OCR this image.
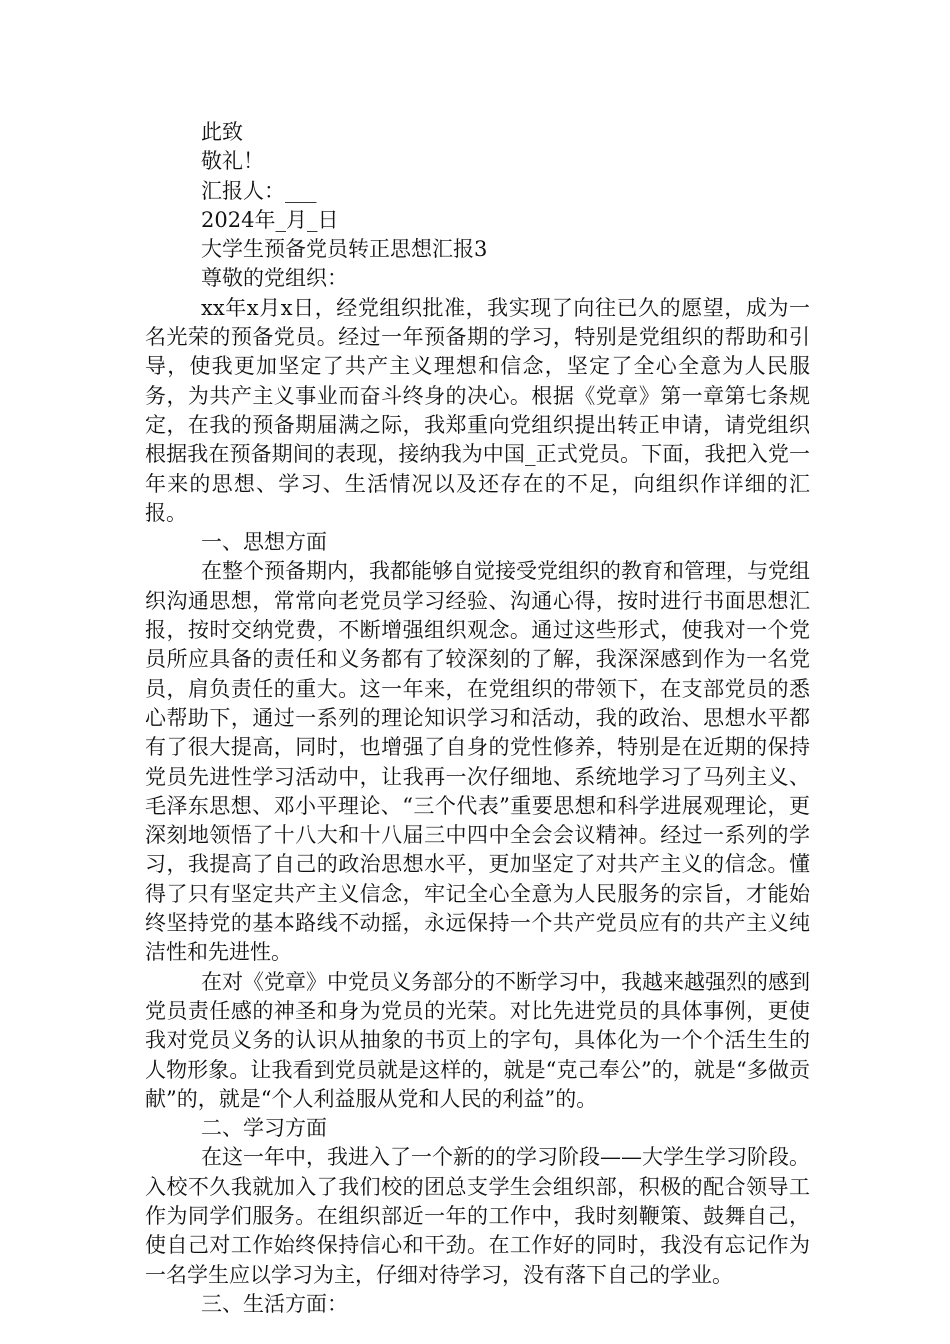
此致
敬礼！
汇报人：___
2024年_月_日
大学生预备党员转正思想汇报3
尊敬的党组织：

xx年x月x日，经党组织批准，我实现了向往已久的愿望，成为一名光荣的预备党员。经过一年预备期的学习，特别是党组织的帮助和引导，使我更加坚定了共产主义理想和信念，坚定了全心全意为人民服务，为共产主义事业而奋斗终身的决心。根据《党章》第一章第七条规定，在我的预备期届满之际，我郑重向党组织提出转正申请，请党组织根据我在预备期间的表现，接纳我为中国_正式党员。下面，我把入党一年来的思想、学习、生活情况以及还存在的不足，向组织作详细的汇报。

一、思想方面

在整个预备期内，我都能够自觉接受党组织的教育和管理，与党组织沟通思想，常常向老党员学习经验、沟通心得，按时进行书面思想汇报，按时交纳党费，不断增强组织观念。通过这些形式，使我对一个党员所应具备的责任和义务都有了较深刻的了解，我深深感到作为一名党员，肩负责任的重大。这一年来，在党组织的带领下，在支部党员的悉心帮助下，通过一系列的理论知识学习和活动，我的政治、思想水平都有了很大提高，同时，也增强了自身的党性修养，特别是在近期的保持党员先进性学习活动中，让我再一次仔细地、系统地学习了马列主义、毛泽东思想、邓小平理论、“三个代表”重要思想和科学进展观理论，更深刻地领悟了十八大和十八届三中四中全会会议精神。经过一系列的学习，我提高了自己的政治思想水平，更加坚定了对共产主义的信念。懂得了只有坚定共产主义信念，牢记全心全意为人民服务的宗旨，才能始终坚持党的基本路线不动摇，永远保持一个共产党员应有的共产主义纯洁性和先进性。

在对《党章》中党员义务部分的不断学习中，我越来越强烈的感到党员责任感的神圣和身为党员的光荣。对比先进党员的具体事例，更使我对党员义务的认识从抽象的书页上的字句，具体化为一个个活生生的人物形象。让我看到党员就是这样的，就是“克己奉公”的，就是“多做贡献”的，就是“个人利益服从党和人民的利益”的。

二、学习方面

在这一年中，我进入了一个新的的学习阶段——大学生学习阶段。入校不久我就加入了我们校的团总支学生会组织部，积极的配合领导工作为同学们服务。在组织部近一年的工作中，我时刻鞭策、鼓舞自己，使自己对工作始终保持信心和干劲。在工作好的同时，我没有忘记作为一名学生应以学习为主，仔细对待学习，没有落下自己的学业。

三、生活方面：
